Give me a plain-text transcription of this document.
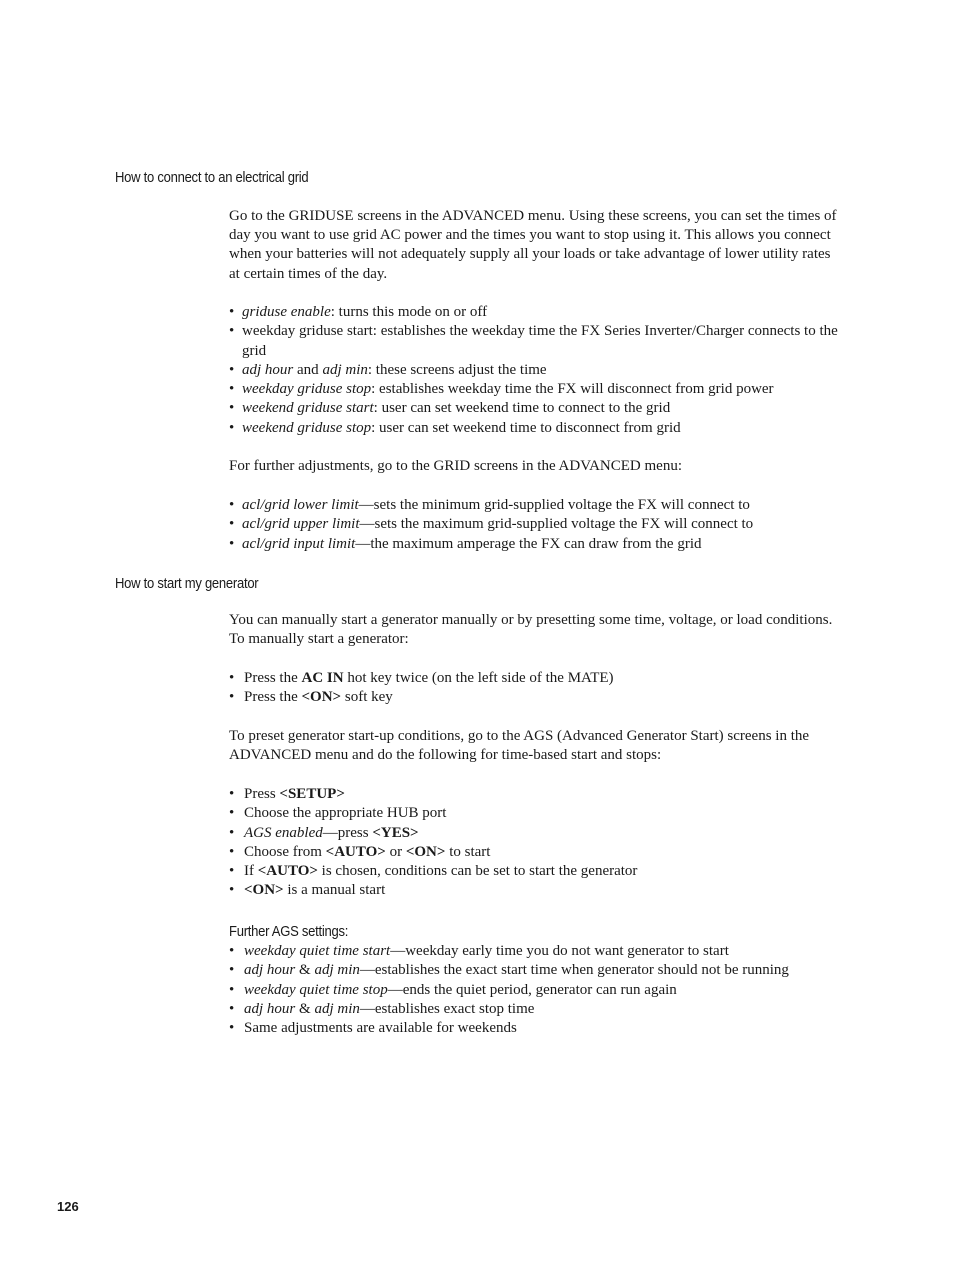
How to connect to an electrical grid

Go to the GRIDUSE screens in the ADVANCED menu. Using these screens, you can set the times of day you want to use grid AC power and the times you want to stop using it. This allows you connect when your batteries will not adequately supply all your loads or take advantage of lower utility rates at certain times of the day.

• griduse enable: turns this mode on or off
• weekday griduse start: establishes the weekday time the FX Series Inverter/Charger connects to the grid
• adj hour and adj min: these screens adjust the time
• weekday griduse stop: establishes weekday time the FX will disconnect from grid power
• weekend griduse start: user can set weekend time to connect to the grid
• weekend griduse stop: user can set weekend time to disconnect from grid

For further adjustments, go to the GRID screens in the ADVANCED menu:

• acl/grid lower limit—sets the minimum grid-supplied voltage the FX will connect to
• acl/grid upper limit—sets the maximum grid-supplied voltage the FX will connect to
• acl/grid input limit—the maximum amperage the FX can draw from the grid
How to start my generator

You can manually start a generator manually or by presetting some time, voltage, or load conditions. To manually start a generator:

• Press the AC IN hot key twice (on the left side of the MATE)
• Press the <ON> soft key

To preset generator start-up conditions, go to the AGS (Advanced Generator Start) screens in the ADVANCED menu and do the following for time-based start and stops:

• Press <SETUP>
• Choose the appropriate HUB port
• AGS enabled—press <YES>
• Choose from <AUTO> or <ON> to start
• If <AUTO> is chosen, conditions can be set to start the generator
• <ON> is a manual start
Further AGS settings:
• weekday quiet time start—weekday early time you do not want generator to start
• adj hour & adj min—establishes the exact start time when generator should not be running
• weekday quiet time stop—ends the quiet period, generator can run again
• adj hour & adj min—establishes exact stop time
• Same adjustments are available for weekends
126
